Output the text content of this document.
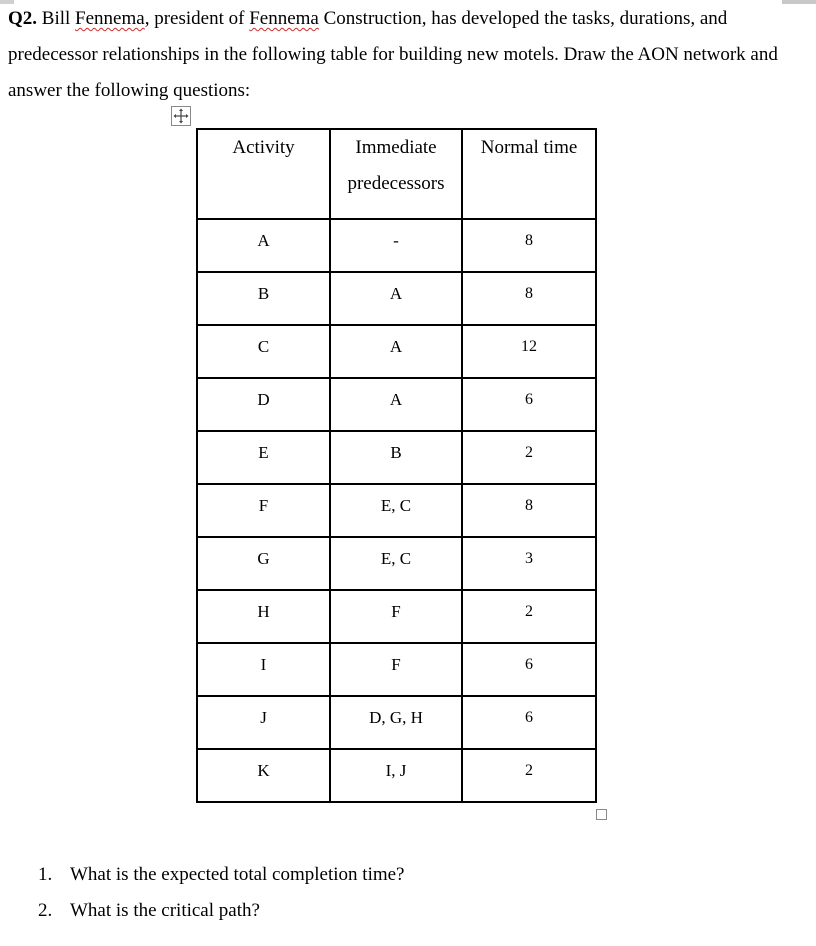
Q2. Bill Fennema, president of Fennema Construction, has developed the tasks, durations, and predecessor relationships in the following table for building new motels. Draw the AON network and answer the following questions:

Activity	Immediate predecessors	Normal time

A	-	8

B	A	8

C	A	12

D	A	6

E	B	2

F	E, C	8

G	E, C	3

H	F	2

I	F	6

J	D, G, H	6

K	I, J	2
1. What is the expected total completion time?
2. What is the critical path?
